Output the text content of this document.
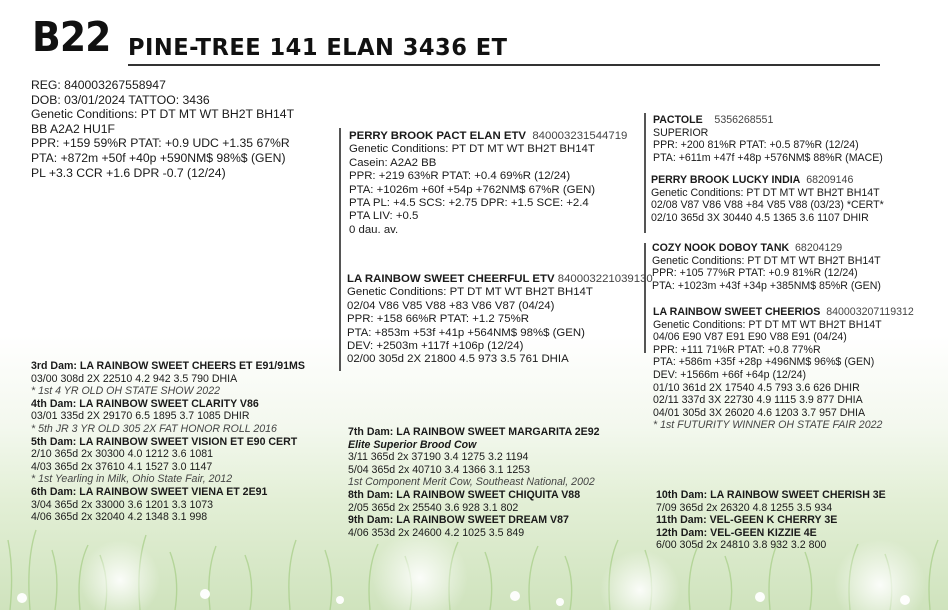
B22 PINE-TREE 141 ELAN 3436 ET
REG: 840003267558947
DOB: 03/01/2024 TATTOO: 3436
Genetic Conditions: PT DT MT WT BH2T BH14T
BB A2A2 HU1F
PPR: +159 59%R PTAT: +0.9 UDC +1.35 67%R
PTA: +872m +50f +40p +590NM$ 98%$ (GEN)
PL +3.3 CCR +1.6 DPR -0.7 (12/24)
PERRY BROOK PACT ELAN ETV 840003231544719
Genetic Conditions: PT DT MT WT BH2T BH14T
Casein: A2A2 BB
PPR: +219 63%R PTAT: +0.4 69%R (12/24)
PTA: +1026m +60f +54p +762NM$ 67%R (GEN)
PTA PL: +4.5 SCS: +2.75 DPR: +1.5 SCE: +2.4
PTA LIV: +0.5
0 dau. av.
LA RAINBOW SWEET CHEERFUL ETV 840003221039130
Genetic Conditions: PT DT MT WT BH2T BH14T
02/04 V86 V85 V88 +83 V86 V87 (04/24)
PPR: +158 66%R PTAT: +1.2 75%R
PTA: +853m +53f +41p +564NM$ 98%$ (GEN)
DEV: +2503m +117f +106p (12/24)
02/00 305d 2X 21800 4.5 973 3.5 761 DHIA
PACTOLE 5356268551
SUPERIOR
PPR: +200 81%R PTAT: +0.5 87%R (12/24)
PTA: +611m +47f +48p +576NM$ 88%R (MACE)
PERRY BROOK LUCKY INDIA 68209146
Genetic Conditions: PT DT MT WT BH2T BH14T
02/08 V87 V86 V88 +84 V85 V88 (03/23) *CERT*
02/10 365d 3X 30440 4.5 1365 3.6 1107 DHIR
COZY NOOK DOBOY TANK 68204129
Genetic Conditions: PT DT MT WT BH2T BH14T
PPR: +105 77%R PTAT: +0.9 81%R (12/24)
PTA: +1023m +43f +34p +385NM$ 85%R (GEN)
LA RAINBOW SWEET CHEERIOS 840003207119312
Genetic Conditions: PT DT MT WT BH2T BH14T
04/06 E90 V87 E91 E90 V88 E91 (04/24)
PPR: +111 71%R PTAT: +0.8 77%R
PTA: +586m +35f +28p +496NM$ 96%$ (GEN)
DEV: +1566m +66f +64p (12/24)
01/10 361d 2X 17540 4.5 793 3.6 626 DHIR
02/11 337d 3X 22730 4.9 1115 3.9 877 DHIA
04/01 305d 3X 26020 4.6 1203 3.7 957 DHIA
* 1st FUTURITY WINNER OH STATE FAIR 2022
3rd Dam: LA RAINBOW SWEET CHEERS ET E91/91MS
03/00 308d 2X 22510 4.2 942 3.5 790 DHIA
* 1st 4 YR OLD OH STATE SHOW 2022
4th Dam: LA RAINBOW SWEET CLARITY V86
03/01 335d 2X 29170 6.5 1895 3.7 1085 DHIR
* 5th JR 3 YR OLD 305 2X FAT HONOR ROLL 2016
5th Dam: LA RAINBOW SWEET VISION ET E90 CERT
2/10 365d 2x 30300 4.0 1212 3.6 1081
4/03 365d 2x 37610 4.1 1527 3.0 1147
* 1st Yearling in Milk, Ohio State Fair, 2012
6th Dam: LA RAINBOW SWEET VIENA ET 2E91
3/04 365d 2x 33000 3.6 1201 3.3 1073
4/06 365d 2x 32040 4.2 1348 3.1 998
7th Dam: LA RAINBOW SWEET MARGARITA 2E92
Elite Superior Brood Cow
3/11 365d 2x 37190 3.4 1275 3.2 1194
5/04 365d 2x 40710 3.4 1366 3.1 1253
1st Component Merit Cow, Southeast National, 2002
8th Dam: LA RAINBOW SWEET CHIQUITA V88
2/05 365d 2x 25540 3.6 928 3.1 802
9th Dam: LA RAINBOW SWEET DREAM V87
4/06 353d 2x 24600 4.2 1025 3.5 849
10th Dam: LA RAINBOW SWEET CHERISH 3E
7/09 365d 2x 26320 4.8 1255 3.5 934
11th Dam: VEL-GEEN K CHERRY 3E
12th Dam: VEL-GEEN KIZZIE 4E
6/00 305d 2x 24810 3.8 932 3.2 800
